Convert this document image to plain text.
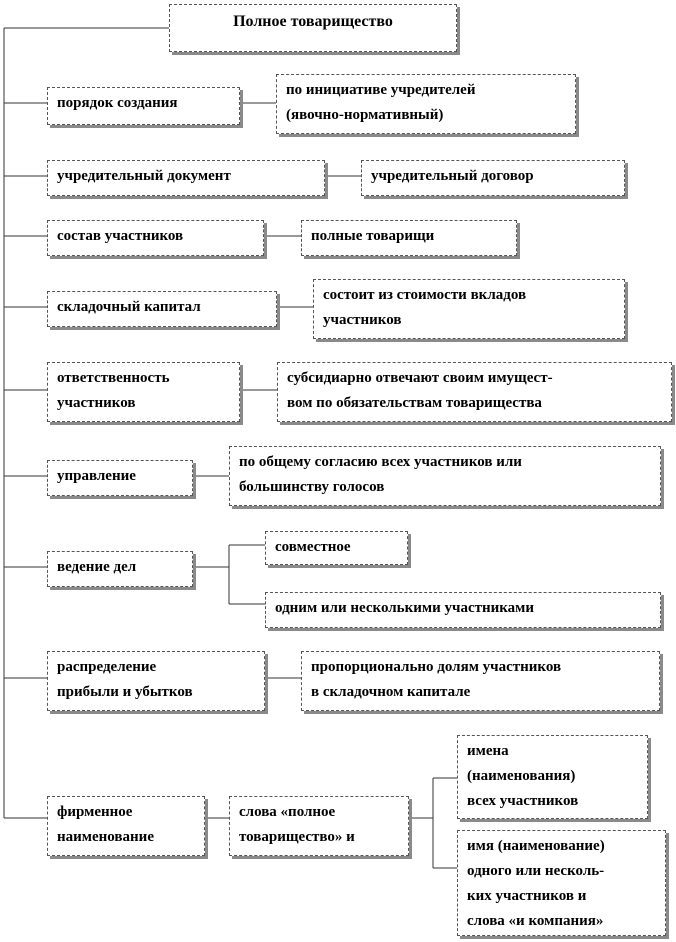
Полное товарищество
порядок создания
по инициативе учредителей
(явочно-нормативный)
учредительный документ	учредительный договор
состав участников	полные товарищи
складочный капитал
состоит из стоимости вкладов
участников
ответственность
участников
субсидиарно отвечают своим имущест-
вом по обязательствам товарищества
управление
по общему согласию всех участников или
большинству голосов
ведение дел
совместное
одним или несколькими участниками
распределение
прибыли и убытков
пропорционально долям участников
в складочном капитале
фирменное
наименование
слова «полное
товарищество» и
имена
(наименования)
всех участников
имя (наименование)
одного или несколь-
ких участников и
слова «и компания»
